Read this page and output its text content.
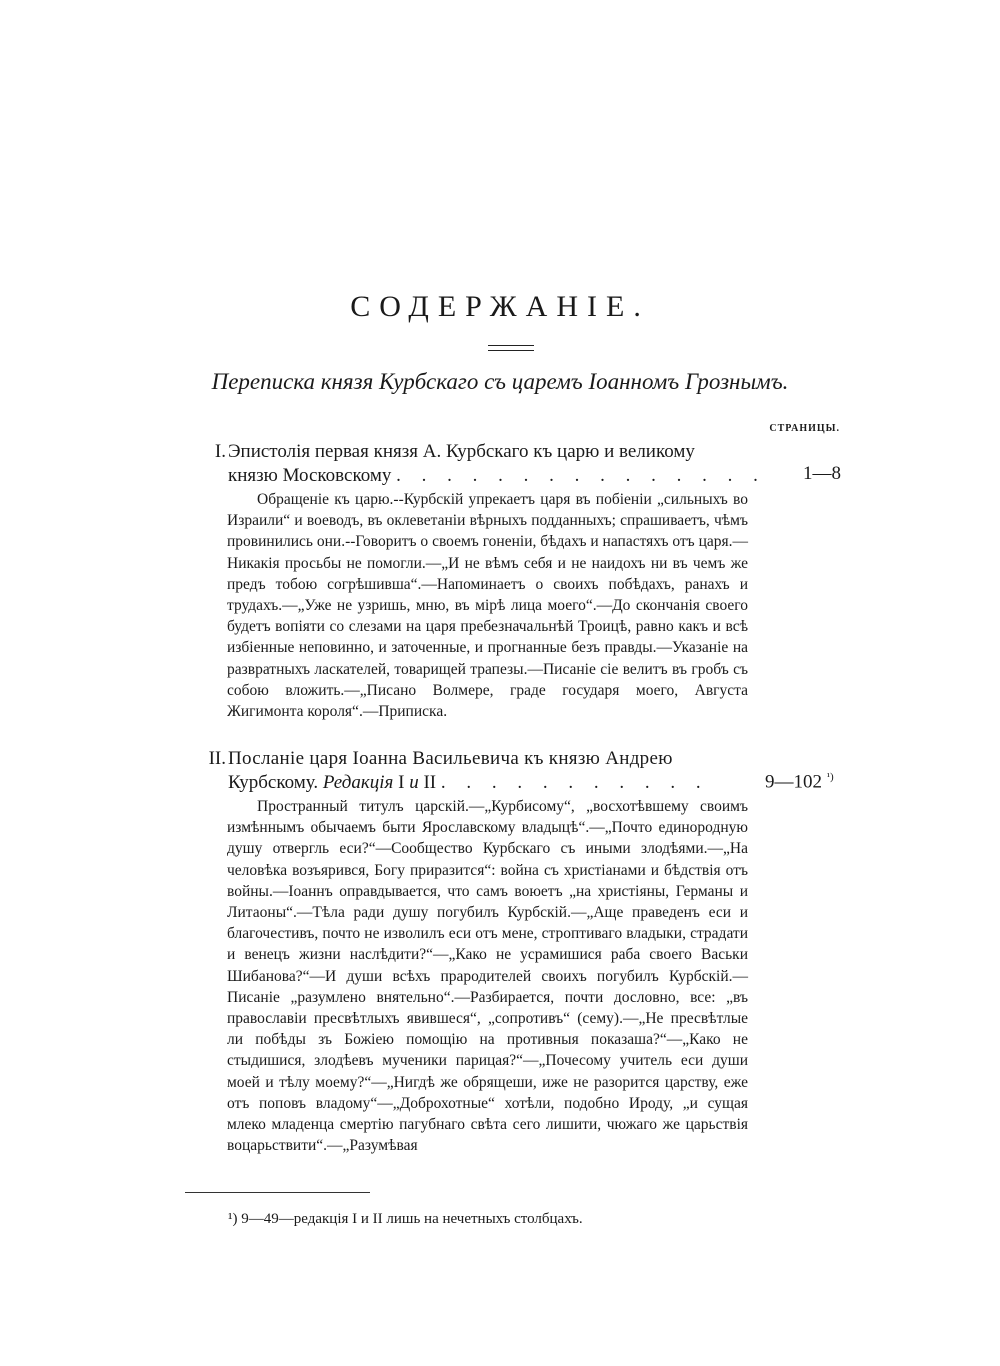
СОДЕРЖАНІЕ.
Переписка князя Курбскаго съ царемъ Іоанномъ Грознымъ.
СТРАНИЦЫ.
I. Эпистолія первая князя А. Курбскаго къ царю и великому
князю Московскому . . . . . . . . . . . . . . . 1—8

Обращеніе къ царю.--Курбскій упрекаетъ царя въ побіеніи „сильныхъ во Израили“ и воеводъ, въ оклеветаніи вѣрныхъ подданныхъ; спрашиваетъ, чѣмъ провинились они.--Говоритъ о своемъ гоненіи, бѣдахъ и напастяхъ отъ царя.—Никакія просьбы не помогли.—„И не вѣмъ себя и не наидохъ ни въ чемъ же предъ тобою согрѣшивша“.—Напоминаетъ о своихъ побѣдахъ, ранахъ и трудахъ.—„Уже не узришь, мню, въ мірѣ лица моего“.—До скончанія своего будетъ вопіяти со слезами на царя пребезначальнѣй Троицѣ, равно какъ и всѣ избіенные неповинно, и заточенные, и прогнанные безъ правды.—Указаніе на развратныхъ ласкателей, товарищей трапезы.—Писаніе сіе велитъ въ гробъ съ собою вложить.—„Писано Волмере, граде государя моего, Августа Жигимонта короля“.—Приписка.

II. Посланіе царя Іоанна Васильевича къ князю Андрею
Курбскому. Редакція I и II . . . . . . . . . . .	9—102 $^{^1)}$

Пространный титулъ царскій.—„Курбисому“, „восхотѣвшему своимъ измѣннымъ обычаемъ быти Ярославскому владыцѣ“.—„Почто единородную душу отвергль еси?“—Сообщество Курбскаго съ иными злодѣями.—„На человѣка возъярився, Богу приразится“: война съ христіанами и бѣдствія отъ войны.—Іоаннъ оправдывается, что самъ воюетъ „на христіяны, Германы и Литаоны“.—Тѣла ради душу погубилъ Курбскій.—„Аще праведенъ еси и благочестивъ, почто не изволилъ еси отъ мене, строптиваго владыки, страдати и венецъ жизни наслѣдити?“—„Како не усрамишися раба своего Васьки Шибанова?“—И души всѣхъ прародителей своихъ погубилъ Курбскій.—Писаніе „разумлено внятельно“.—Разбирается, почти дословно, все: „въ православіи пресвѣтлыхъ явившеся“, „сопротивъ“ (сему).—„Не пресвѣтлые ли побѣды зъ Божіею помощію на противныя показаша?“—„Како не стыдишися, злодѣевъ мученики парицая?“—„Почесому учитель еси души моей и тѣлу моему?“—„Нигдѣ же обрящеши, иже не разорится царству, еже отъ поповъ владому“—„Доброхотные“ хотѣли, подобно Ироду, „и сущая млеко младенца смертію пагубнаго свѣта сего лишити, чюжаго же царьствія воцарьствити“.—„Разумѣвая

¹) 9—49—редакція I и II лишь на нечетныхъ столбцахъ.
